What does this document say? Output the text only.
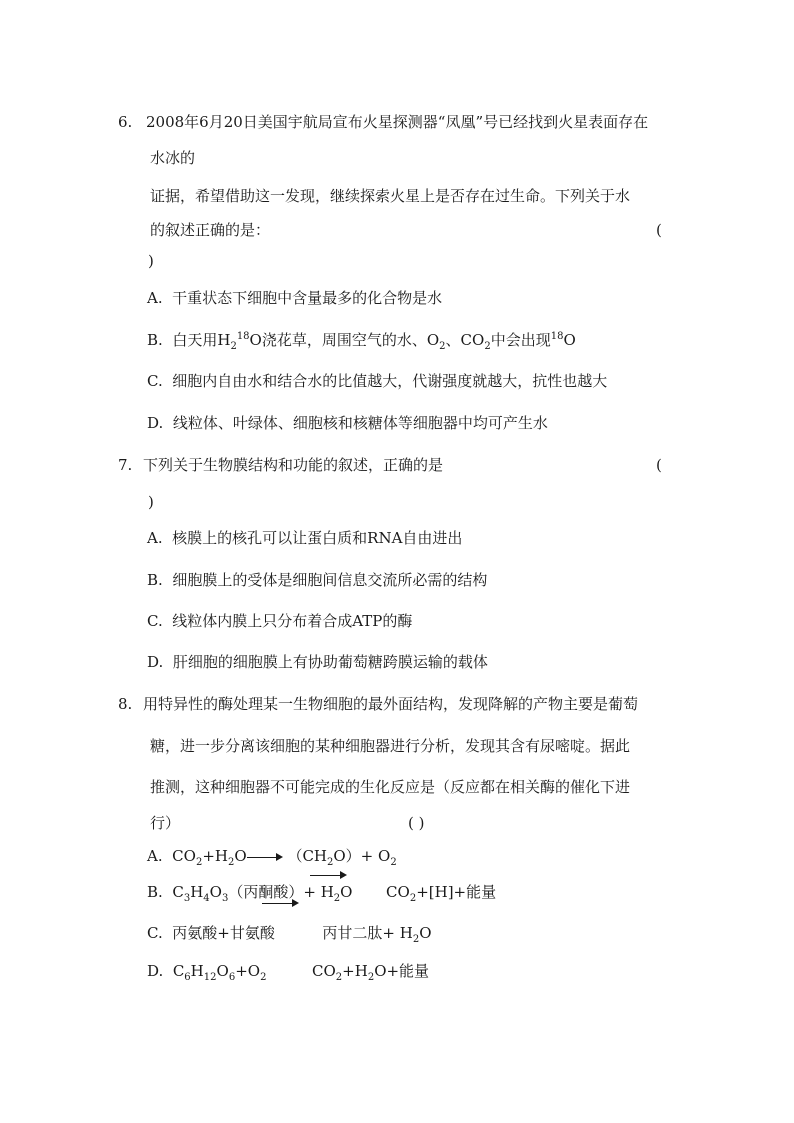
6. 2008年6月20日美国宇航局宣布火星探测器“凤凰”号已经找到火星表面存在
水冰的
证据，希望借助这一发现，继续探索火星上是否存在过生命。下列关于水
的叙述正确的是：	(
)
A. 干重状态下细胞中含量最多的化合物是水
B. 白天用$H_2^{18}O$浇花草，周围空气的水、$O_2$、$CO_2$中会出现$^{18}$O
C. 细胞内自由水和结合水的比值越大，代谢强度就越大，抗性也越大
D. 线粒体、叶绿体、细胞核和核糖体等细胞器中均可产生水
7. 下列关于生物膜结构和功能的叙述，正确的是	(
)
A. 核膜上的核孔可以让蛋白质和RNA自由进出
B. 细胞膜上的受体是细胞间信息交流所必需的结构
C. 线粒体内膜上只分布着合成ATP的酶
D. 肝细胞的细胞膜上有协助葡萄糖跨膜运输的载体
8. 用特异性的酶处理某一生物细胞的最外面结构，发现降解的产物主要是葡萄
糖，进一步分离该细胞的某种细胞器进行分析，发现其含有尿嘧啶。据此
推测，这种细胞器不可能完成的生化反应是（反应都在相关酶的催化下进
行）	( )
A. $CO_2+H_2O$	$(CH_2O)+ O_2$
B. $C_3H_4O_3$（丙酮酸）+ $H_2O$ $CO_2+[H]+$能量
C. 丙氨酸+甘氨酸	丙甘二肽+ $H_2O$
D. $C_6H_{12}O_6+O_2$	$CO_2+H_2O+$能量
